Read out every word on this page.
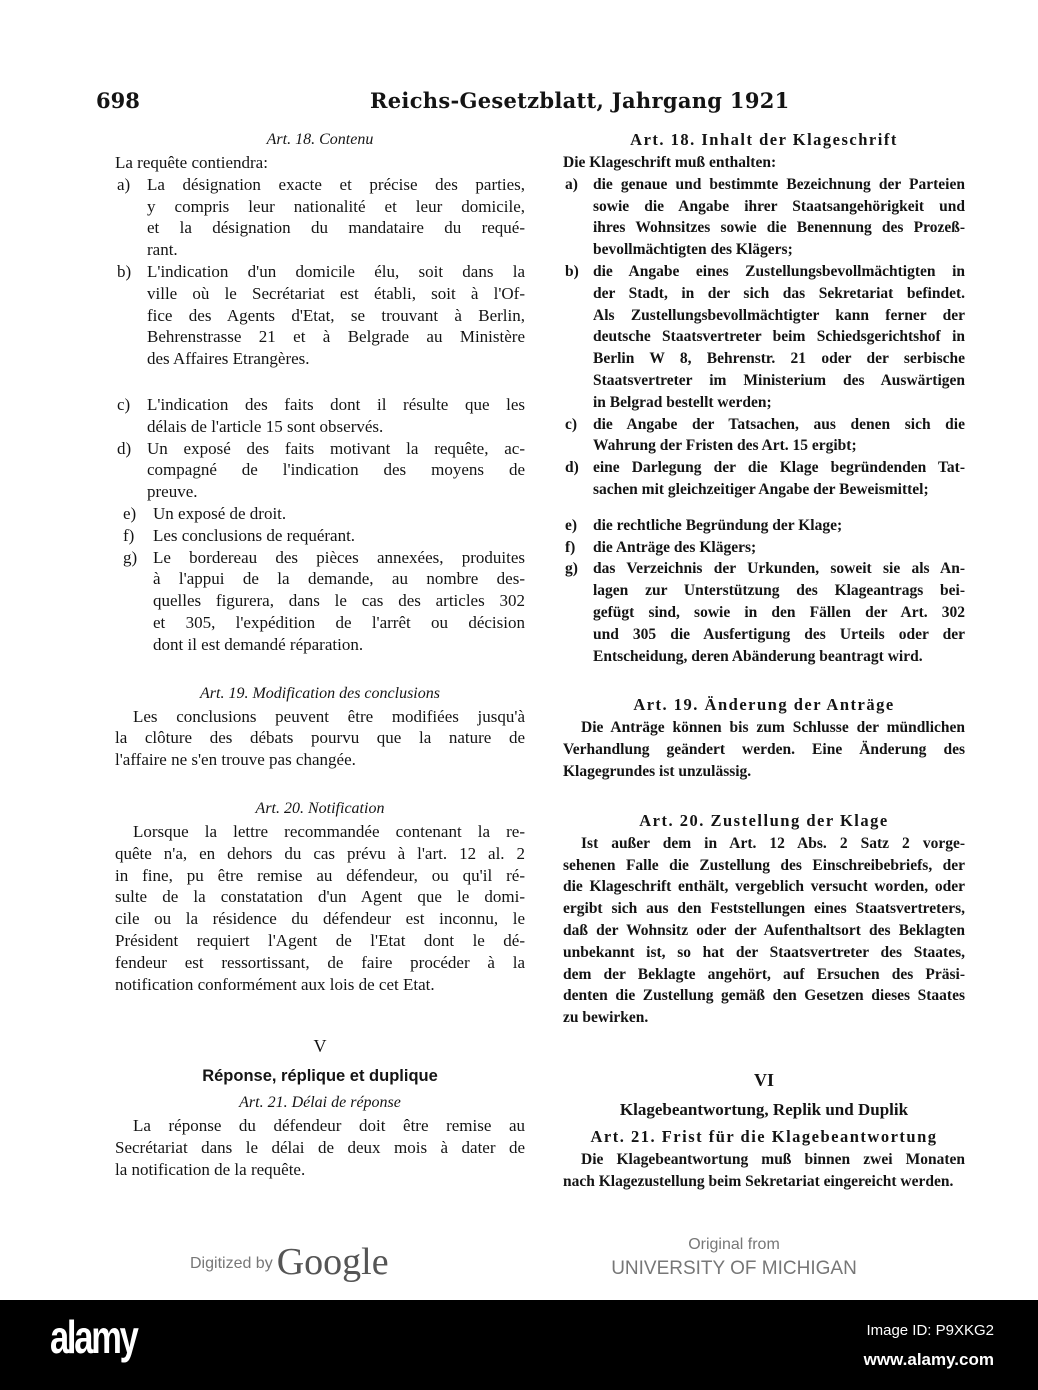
698	Reichs-Gesetzblatt, Jahrgang 1921
Art. 18. Contenu
La requête contiendra:
a) La désignation exacte et précise des parties,
y compris leur nationalité et leur domicile,
et la désignation du mandataire du requé-
rant.
b) L'indication d'un domicile élu, soit dans la
ville où le Secrétariat est établi, soit à l'Of-
fice des Agents d'Etat, se trouvant à Berlin,
Behrenstrasse 21 et à Belgrade au Ministère
des Affaires Etrangères.
c) L'indication des faits dont il résulte que les
délais de l'article 15 sont observés.
d) Un exposé des faits motivant la requête, ac-
compagné de l'indication des moyens de
preuve.
e) Un exposé de droit.
f) Les conclusions de requérant.
g) Le bordereau des pièces annexées, produites
à l'appui de la demande, au nombre des-
quelles figurera, dans le cas des articles 302
et 305, l'expédition de l'arrêt ou décision
dont il est demandé réparation.
Art. 19. Modification des conclusions
Les conclusions peuvent être modifiées jusqu'à
la clôture des débats pourvu que la nature de
l'affaire ne s'en trouve pas changée.
Art. 20. Notification
Lorsque la lettre recommandée contenant la re-
quête n'a, en dehors du cas prévu à l'art. 12 al. 2
in fine, pu être remise au défendeur, ou qu'il ré-
sulte de la constatation d'un Agent que le domi-
cile ou la résidence du défendeur est inconnu, le
Président requiert l'Agent de l'Etat dont le dé-
fendeur est ressortissant, de faire procéder à la
notification conformément aux lois de cet Etat.
V
Réponse, réplique et duplique
Art. 21. Délai de réponse
La réponse du défendeur doit être remise au
Secrétariat dans le délai de deux mois à dater de
la notification de la requête.
Art. 18. Inhalt der Klageschrift
Die Klageschrift muß enthalten:
a) die genaue und bestimmte Bezeichnung der Parteien
sowie die Angabe ihrer Staatsangehörigkeit und
ihres Wohnsitzes sowie die Benennung des Prozeß-
bevollmächtigten des Klägers;
b) die Angabe eines Zustellungsbevollmächtigten in
der Stadt, in der sich das Sekretariat befindet.
Als Zustellungsbevollmächtigter kann ferner der
deutsche Staatsvertreter beim Schiedsgerichtshof in
Berlin W 8, Behrenstr. 21 oder der serbische
Staatsvertreter im Ministerium des Auswärtigen
in Belgrad bestellt werden;
c) die Angabe der Tatsachen, aus denen sich die
Wahrung der Fristen des Art. 15 ergibt;
d) eine Darlegung der die Klage begründenden Tat-
sachen mit gleichzeitiger Angabe der Beweismittel;
e) die rechtliche Begründung der Klage;
f) die Anträge des Klägers;
g) das Verzeichnis der Urkunden, soweit sie als An-
lagen zur Unterstützung des Klageantrags bei-
gefügt sind, sowie in den Fällen der Art. 302
und 305 die Ausfertigung des Urteils oder der
Entscheidung, deren Abänderung beantragt wird.
Art. 19. Änderung der Anträge
Die Anträge können bis zum Schlusse der mündlichen
Verhandlung geändert werden. Eine Änderung des
Klagegrundes ist unzulässig.
Art. 20. Zustellung der Klage
Ist außer dem in Art. 12 Abs. 2 Satz 2 vorge-
sehenen Falle die Zustellung des Einschreibebriefs, der
die Klageschrift enthält, vergeblich versucht worden, oder
ergibt sich aus den Feststellungen eines Staatsvertreters,
daß der Wohnsitz oder der Aufenthaltsort des Beklagten
unbekannt ist, so hat der Staatsvertreter des Staates,
dem der Beklagte angehört, auf Ersuchen des Präsi-
denten die Zustellung gemäß den Gesetzen dieses Staates
zu bewirken.
VI
Klagebeantwortung, Replik und Duplik
Art. 21. Frist für die Klagebeantwortung
Die Klagebeantwortung muß binnen zwei Monaten
nach Klagezustellung beim Sekretariat eingereicht werden.
Digitized by Google	Original from
UNIVERSITY OF MICHIGAN
alamy	Image ID: P9XKG2
www.alamy.com
